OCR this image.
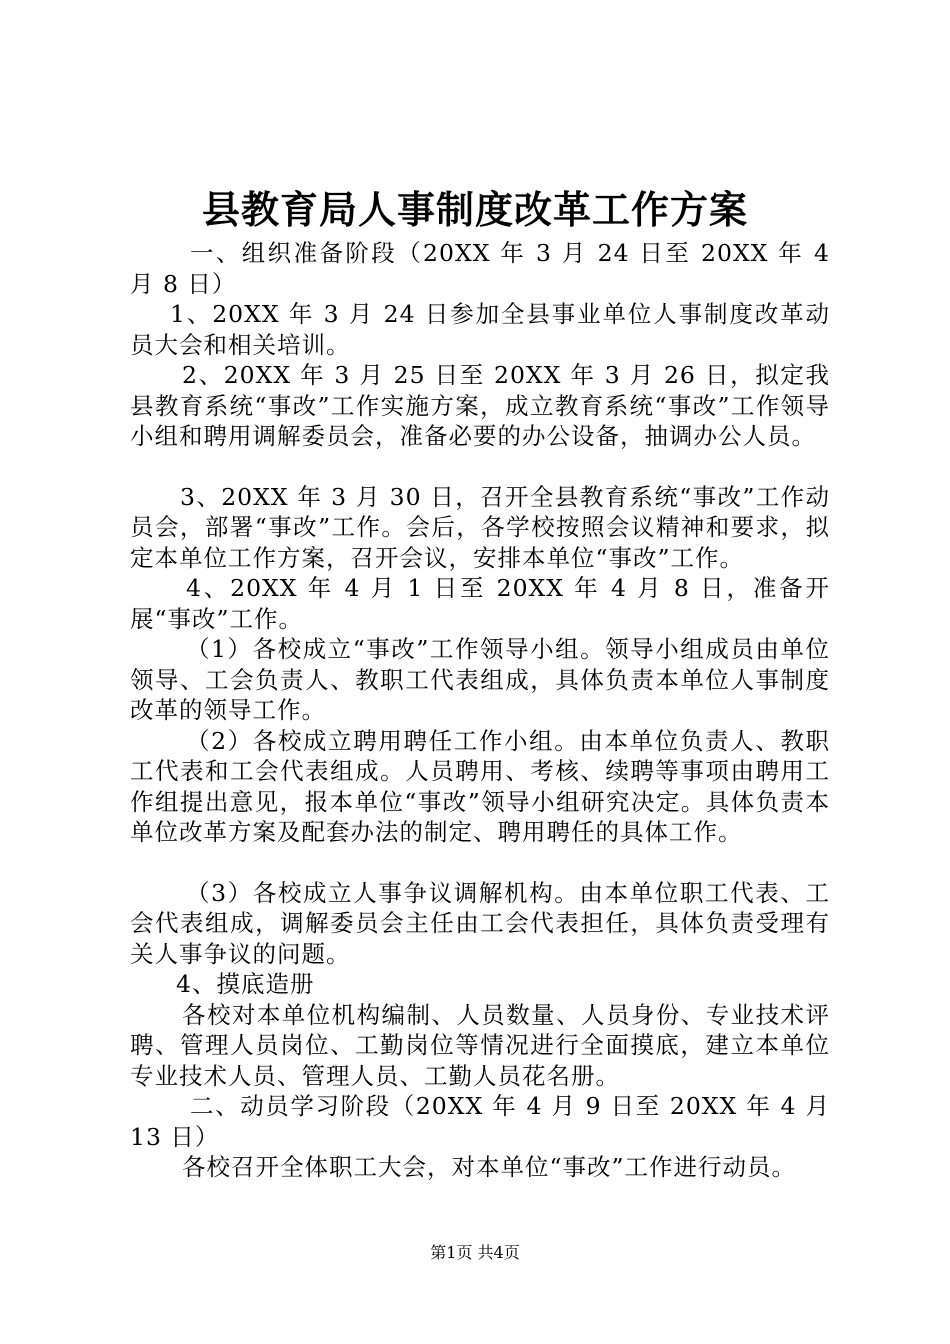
县教育局人事制度改革工作方案

一、组织准备阶段（20XX 年 3 月 24 日至 20XX 年 4 月 8 日）

1、20XX 年 3 月 24 日参加全县事业单位人事制度改革动员大会和相关培训。

2、20XX 年 3 月 25 日至 20XX 年 3 月 26 日，拟定我县教育系统“事改”工作实施方案，成立教育系统“事改”工作领导小组和聘用调解委员会，准备必要的办公设备，抽调办公人员。

3、20XX 年 3 月 30 日，召开全县教育系统“事改”工作动员会，部署“事改”工作。会后，各学校按照会议精神和要求，拟定本单位工作方案，召开会议，安排本单位“事改”工作。

4、20XX 年 4 月 1 日至 20XX 年 4 月 8 日，准备开展“事改”工作。

（1）各校成立“事改”工作领导小组。领导小组成员由单位领导、工会负责人、教职工代表组成，具体负责本单位人事制度改革的领导工作。

（2）各校成立聘用聘任工作小组。由本单位负责人、教职工代表和工会代表组成。人员聘用、考核、续聘等事项由聘用工作组提出意见，报本单位“事改”领导小组研究决定。具体负责本单位改革方案及配套办法的制定、聘用聘任的具体工作。

（3）各校成立人事争议调解机构。由本单位职工代表、工会代表组成，调解委员会主任由工会代表担任，具体负责受理有关人事争议的问题。

4、摸底造册

各校对本单位机构编制、人员数量、人员身份、专业技术评聘、管理人员岗位、工勤岗位等情况进行全面摸底，建立本单位专业技术人员、管理人员、工勤人员花名册。

二、动员学习阶段（20XX 年 4 月 9 日至 20XX 年 4 月 13 日）

各校召开全体职工大会，对本单位“事改”工作进行动员。

第1页 共4页
